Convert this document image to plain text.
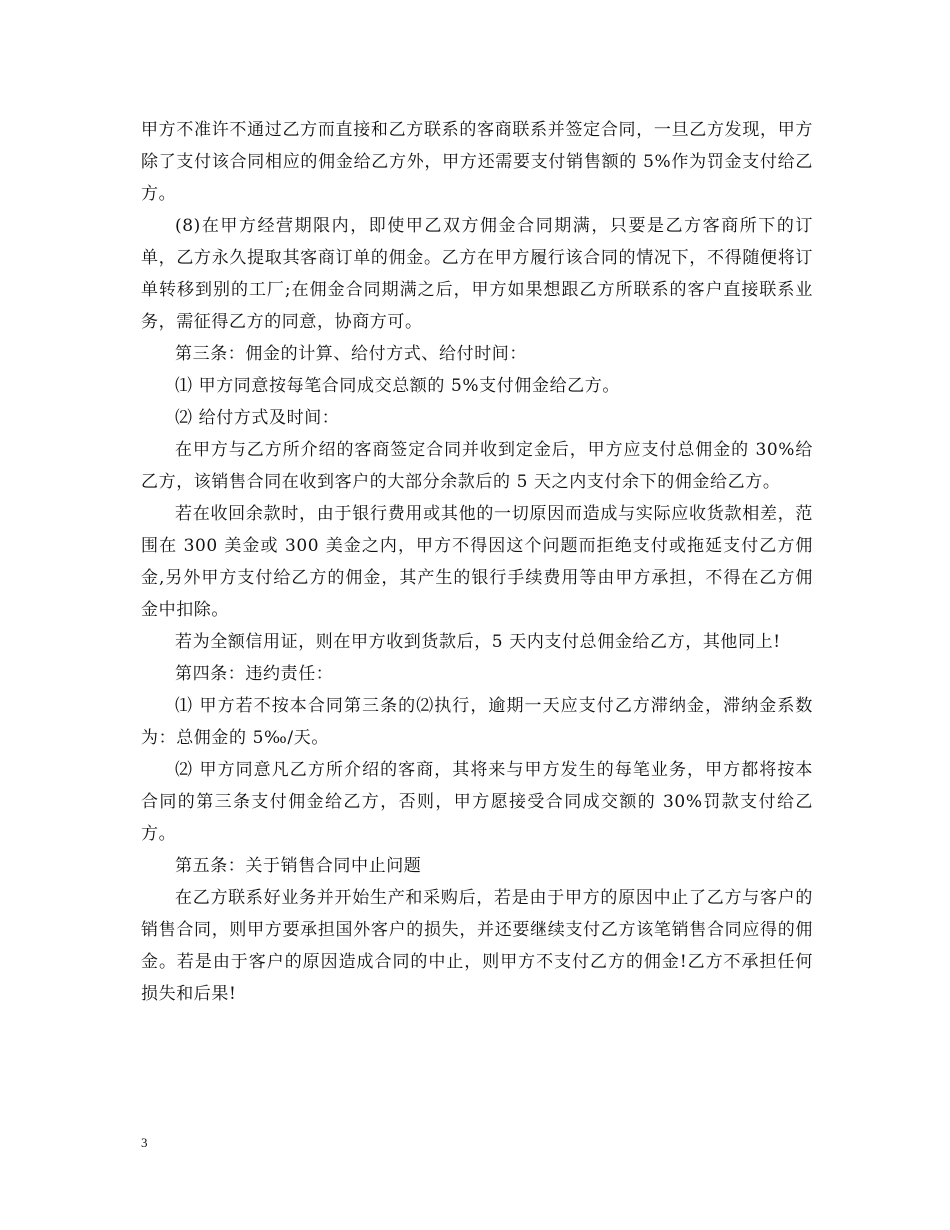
甲方不准许不通过乙方而直接和乙方联系的客商联系并签定合同，一旦乙方发现，甲方除了支付该合同相应的佣金给乙方外，甲方还需要支付销售额的 5%作为罚金支付给乙方。

(8)在甲方经营期限内，即使甲乙双方佣金合同期满，只要是乙方客商所下的订单，乙方永久提取其客商订单的佣金。乙方在甲方履行该合同的情况下，不得随便将订单转移到别的工厂;在佣金合同期满之后，甲方如果想跟乙方所联系的客户直接联系业务，需征得乙方的同意，协商方可。

第三条：佣金的计算、给付方式、给付时间：

⑴ 甲方同意按每笔合同成交总额的 5%支付佣金给乙方。

⑵ 给付方式及时间：

在甲方与乙方所介绍的客商签定合同并收到定金后，甲方应支付总佣金的 30%给乙方，该销售合同在收到客户的大部分余款后的 5 天之内支付余下的佣金给乙方。

若在收回余款时，由于银行费用或其他的一切原因而造成与实际应收货款相差，范围在 300 美金或 300 美金之内，甲方不得因这个问题而拒绝支付或拖延支付乙方佣金,另外甲方支付给乙方的佣金，其产生的银行手续费用等由甲方承担，不得在乙方佣金中扣除。

若为全额信用证，则在甲方收到货款后，5 天内支付总佣金给乙方，其他同上!

第四条：违约责任：

⑴ 甲方若不按本合同第三条的⑵执行，逾期一天应支付乙方滞纳金，滞纳金系数为：总佣金的 5‰/天。

⑵ 甲方同意凡乙方所介绍的客商，其将来与甲方发生的每笔业务，甲方都将按本合同的第三条支付佣金给乙方，否则，甲方愿接受合同成交额的 30%罚款支付给乙方。

第五条：关于销售合同中止问题

在乙方联系好业务并开始生产和采购后，若是由于甲方的原因中止了乙方与客户的销售合同，则甲方要承担国外客户的损失，并还要继续支付乙方该笔销售合同应得的佣金。若是由于客户的原因造成合同的中止，则甲方不支付乙方的佣金!乙方不承担任何损失和后果!

3
